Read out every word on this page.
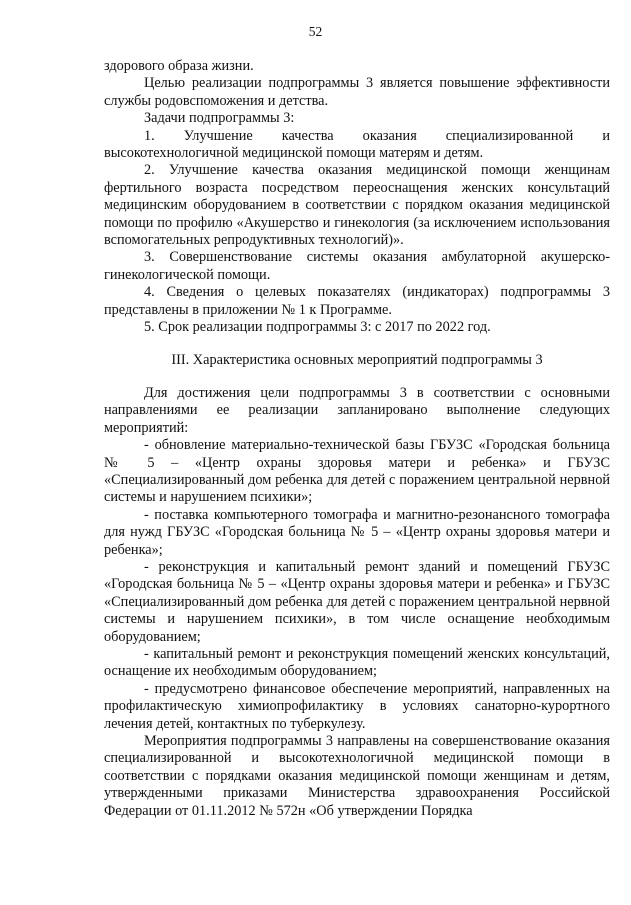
52

здорового образа жизни.

Целью реализации подпрограммы 3 является повышение эффективности службы родовспоможения и детства.

Задачи подпрограммы 3:

1. Улучшение качества оказания специализированной и высокотехнологичной медицинской помощи матерям и детям.

2. Улучшение качества оказания медицинской помощи женщинам фертильного возраста посредством переоснащения женских консультаций медицинским оборудованием в соответствии с порядком оказания медицинской помощи по профилю «Акушерство и гинекология (за исключением использования вспомогательных репродуктивных технологий)».

3. Совершенствование системы оказания амбулаторной акушерско-гинекологической помощи.

4. Сведения о целевых показателях (индикаторах) подпрограммы 3 представлены в приложении № 1 к Программе.

5. Срок реализации подпрограммы 3: с 2017 по 2022 год.

III. Характеристика основных мероприятий подпрограммы 3

Для достижения цели подпрограммы 3 в соответствии с основными направлениями ее реализации запланировано выполнение следующих мероприятий:

- обновление материально-технической базы ГБУЗС «Городская больница № 5 – «Центр охраны здоровья матери и ребенка» и ГБУЗС «Специализированный дом ребенка для детей с поражением центральной нервной системы и нарушением психики»;

- поставка компьютерного томографа и магнитно-резонансного томографа для нужд ГБУЗС «Городская больница № 5 – «Центр охраны здоровья матери и ребенка»;

- реконструкция и капитальный ремонт зданий и помещений ГБУЗС «Городская больница № 5 – «Центр охраны здоровья матери и ребенка» и ГБУЗС «Специализированный дом ребенка для детей с поражением центральной нервной системы и нарушением психики», в том числе оснащение необходимым оборудованием;

- капитальный ремонт и реконструкция помещений женских консультаций, оснащение их необходимым оборудованием;

- предусмотрено финансовое обеспечение мероприятий, направленных на профилактическую химиопрофилактику в условиях санаторно-курортного лечения детей, контактных по туберкулезу.

Мероприятия подпрограммы 3 направлены на совершенствование оказания специализированной и высокотехнологичной медицинской помощи в соответствии с порядками оказания медицинской помощи женщинам и детям, утвержденными приказами Министерства здравоохранения Российской Федерации от 01.11.2012 № 572н «Об утверждении Порядка
